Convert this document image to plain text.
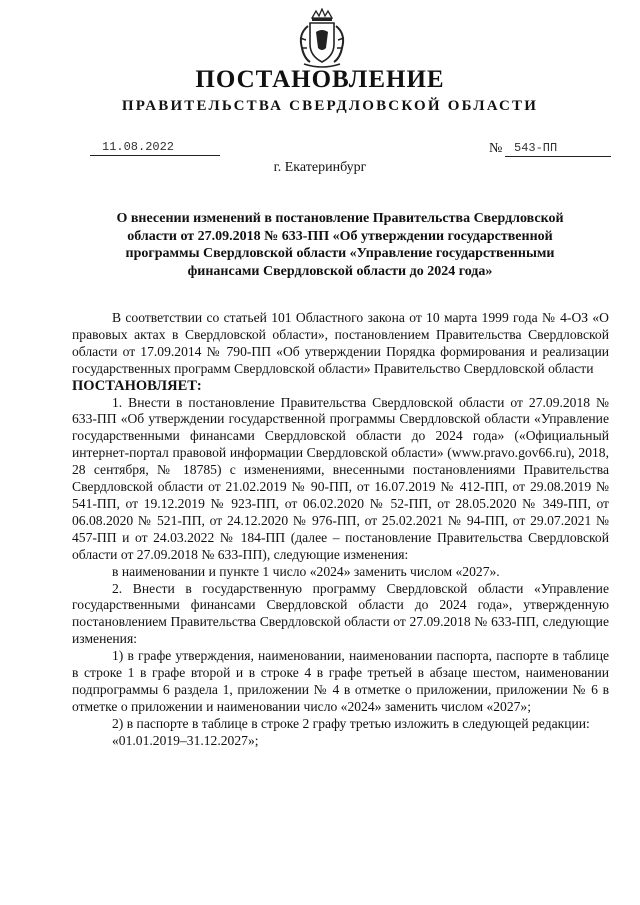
ПОСТАНОВЛЕНИЕ
ПРАВИТЕЛЬСТВА СВЕРДЛОВСКОЙ ОБЛАСТИ
11.08.2022	№ 543-ПП
г. Екатеринбург
О внесении изменений в постановление Правительства Свердловской области от 27.09.2018 № 633-ПП «Об утверждении государственной программы Свердловской области «Управление государственными финансами Свердловской области до 2024 года»

В соответствии со статьей 101 Областного закона от 10 марта 1999 года № 4-ОЗ «О правовых актах в Свердловской области», постановлением Правительства Свердловской области от 17.09.2014 № 790-ПП «Об утверждении Порядка формирования и реализации государственных программ Свердловской области» Правительство Свердловской области

ПОСТАНОВЛЯЕТ:

1. Внести в постановление Правительства Свердловской области от 27.09.2018 № 633-ПП «Об утверждении государственной программы Свердловской области «Управление государственными финансами Свердловской области до 2024 года» («Официальный интернет-портал правовой информации Свердловской области» (www.pravo.gov66.ru), 2018, 28 сентября, № 18785) с изменениями, внесенными постановлениями Правительства Свердловской области от 21.02.2019 № 90-ПП, от 16.07.2019 № 412-ПП, от 29.08.2019 № 541-ПП, от 19.12.2019 № 923-ПП, от 06.02.2020 № 52-ПП, от 28.05.2020 № 349-ПП, от 06.08.2020 № 521-ПП, от 24.12.2020 № 976-ПП, от 25.02.2021 № 94-ПП, от 29.07.2021 № 457-ПП и от 24.03.2022 № 184-ПП (далее – постановление Правительства Свердловской области от 27.09.2018 № 633-ПП), следующие изменения:

в наименовании и пункте 1 число «2024» заменить числом «2027».

2. Внести в государственную программу Свердловской области «Управление государственными финансами Свердловской области до 2024 года», утвержденную постановлением Правительства Свердловской области от 27.09.2018 № 633-ПП, следующие изменения:

1) в графе утверждения, наименовании, наименовании паспорта, паспорте в таблице в строке 1 в графе второй и в строке 4 в графе третьей в абзаце шестом, наименовании подпрограммы 6 раздела 1, приложении № 4 в отметке о приложении, приложении № 6 в отметке о приложении и наименовании число «2024» заменить числом «2027»;

2) в паспорте в таблице в строке 2 графу третью изложить в следующей редакции:

«01.01.2019–31.12.2027»;
